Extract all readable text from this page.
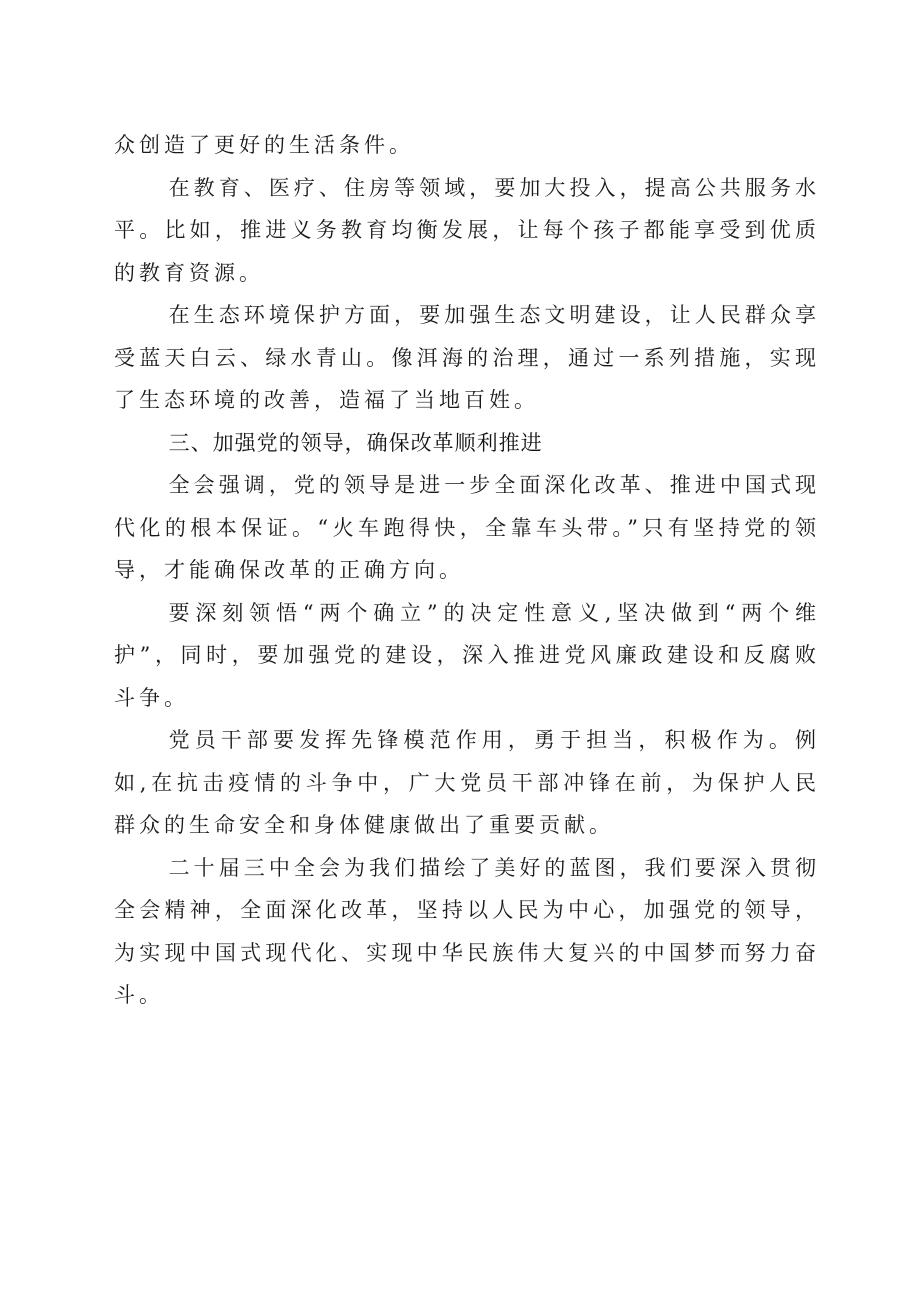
众创造了更好的生活条件。

在教育、医疗、住房等领域，要加大投入，提高公共服务水平。比如，推进义务教育均衡发展，让每个孩子都能享受到优质的教育资源。

在生态环境保护方面，要加强生态文明建设，让人民群众享受蓝天白云、绿水青山。像洱海的治理，通过一系列措施，实现了生态环境的改善，造福了当地百姓。

三、加强党的领导，确保改革顺利推进

全会强调，党的领导是进一步全面深化改革、推进中国式现代化的根本保证。“火车跑得快，全靠车头带。”只有坚持党的领导，才能确保改革的正确方向。

要深刻领悟“两个确立”的决定性意义,坚决做到“两个维护”，同时，要加强党的建设，深入推进党风廉政建设和反腐败斗争。

党员干部要发挥先锋模范作用，勇于担当，积极作为。例如,在抗击疫情的斗争中，广大党员干部冲锋在前，为保护人民群众的生命安全和身体健康做出了重要贡献。

二十届三中全会为我们描绘了美好的蓝图，我们要深入贯彻全会精神，全面深化改革，坚持以人民为中心，加强党的领导，为实现中国式现代化、实现中华民族伟大复兴的中国梦而努力奋斗。
